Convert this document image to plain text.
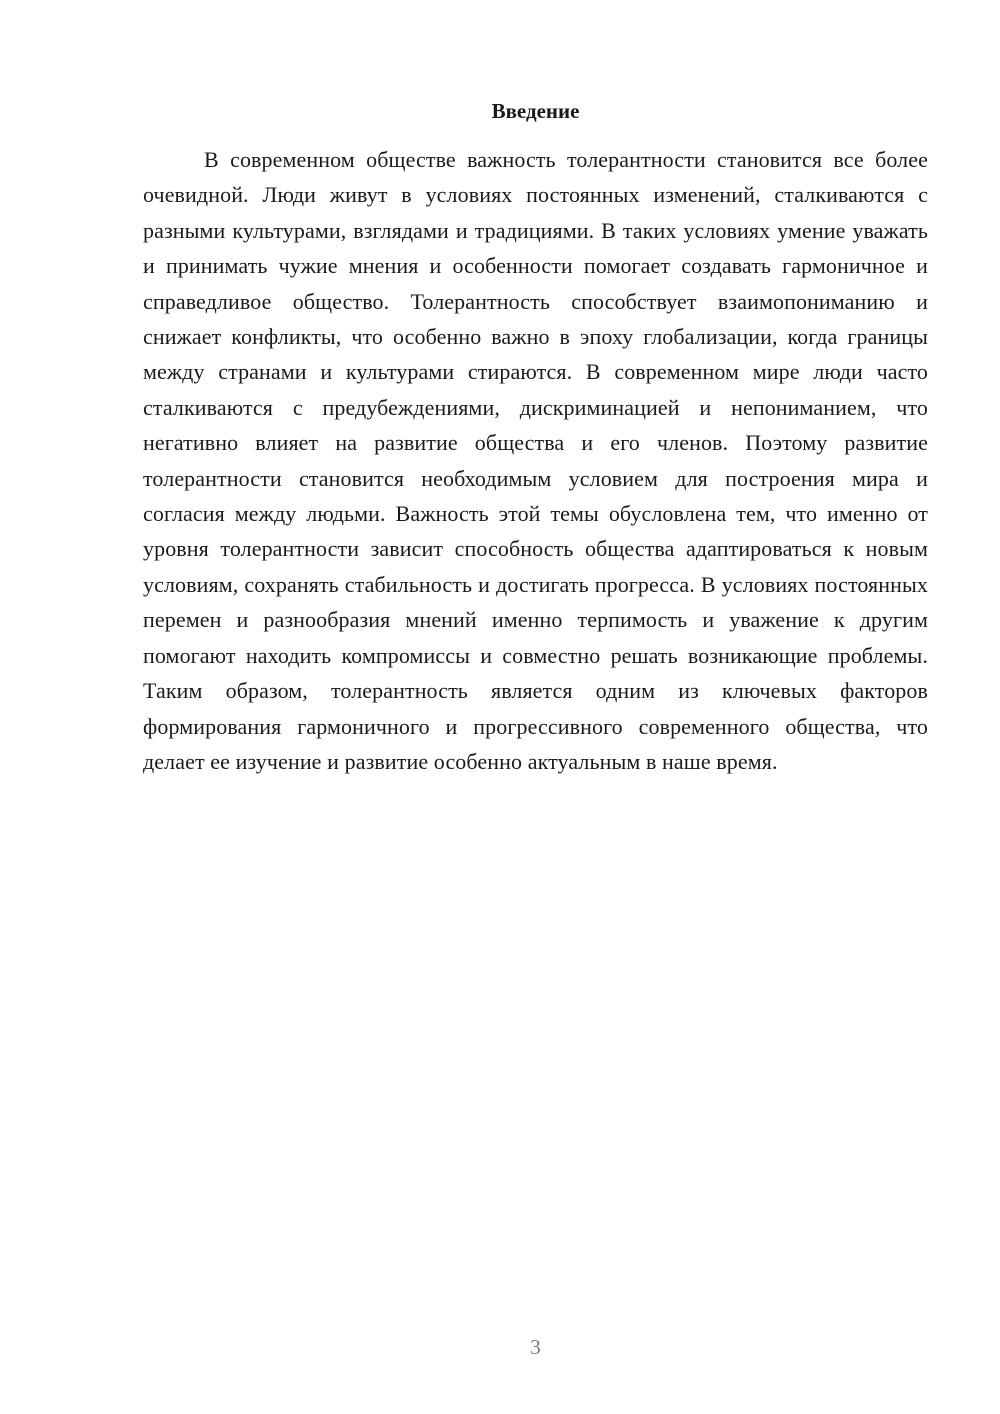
Введение

В современном обществе важность толерантности становится все более очевидной. Люди живут в условиях постоянных изменений, сталкиваются с разными культурами, взглядами и традициями. В таких условиях умение уважать и принимать чужие мнения и особенности помогает создавать гармоничное и справедливое общество. Толерантность способствует взаимопониманию и снижает конфликты, что особенно важно в эпоху глобализации, когда границы между странами и культурами стираются. В современном мире люди часто сталкиваются с предубеждениями, дискриминацией и непониманием, что негативно влияет на развитие общества и его членов. Поэтому развитие толерантности становится необходимым условием для построения мира и согласия между людьми. Важность этой темы обусловлена тем, что именно от уровня толерантности зависит способность общества адаптироваться к новым условиям, сохранять стабильность и достигать прогресса. В условиях постоянных перемен и разнообразия мнений именно терпимость и уважение к другим помогают находить компромиссы и совместно решать возникающие проблемы. Таким образом, толерантность является одним из ключевых факторов формирования гармоничного и прогрессивного современного общества, что делает ее изучение и развитие особенно актуальным в наше время.

3
